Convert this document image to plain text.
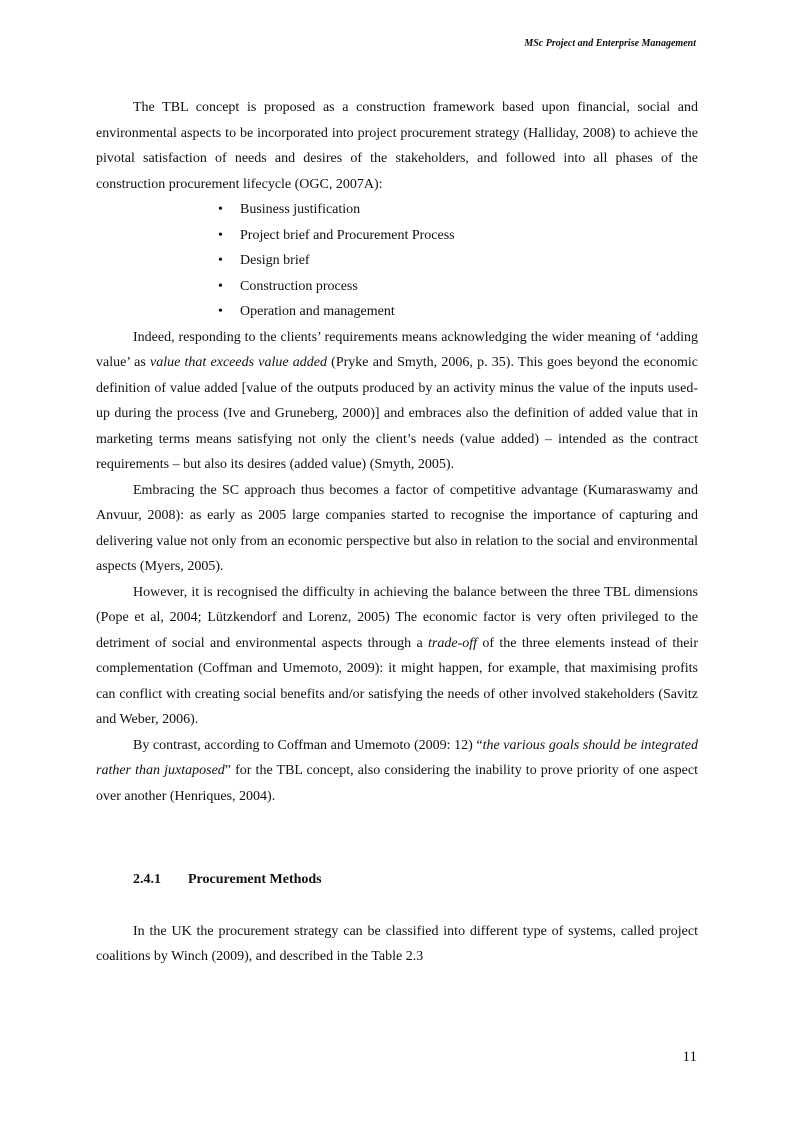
MSc Project and Enterprise Management

The TBL concept is proposed as a construction framework based upon financial, social and environmental aspects to be incorporated into project procurement strategy (Halliday, 2008) to achieve the pivotal satisfaction of needs and desires of the stakeholders, and followed into all phases of the construction procurement lifecycle (OGC, 2007A):

• Business justification
• Project brief and Procurement Process
• Design brief
• Construction process
• Operation and management

Indeed, responding to the clients’ requirements means acknowledging the wider meaning of ‘adding value’ as value that exceeds value added (Pryke and Smyth, 2006, p. 35). This goes beyond the economic definition of value added [value of the outputs produced by an activity minus the value of the inputs used-up during the process (Ive and Gruneberg, 2000)] and embraces also the definition of added value that in marketing terms means satisfying not only the client’s needs (value added) – intended as the contract requirements – but also its desires (added value) (Smyth, 2005).

Embracing the SC approach thus becomes a factor of competitive advantage (Kumaraswamy and Anvuur, 2008): as early as 2005 large companies started to recognise the importance of capturing and delivering value not only from an economic perspective but also in relation to the social and environmental aspects (Myers, 2005).

However, it is recognised the difficulty in achieving the balance between the three TBL dimensions (Pope et al, 2004; Lützkendorf and Lorenz, 2005) The economic factor is very often privileged to the detriment of social and environmental aspects through a trade-off of the three elements instead of their complementation (Coffman and Umemoto, 2009): it might happen, for example, that maximising profits can conflict with creating social benefits and/or satisfying the needs of other involved stakeholders (Savitz and Weber, 2006).

By contrast, according to Coffman and Umemoto (2009: 12) “the various goals should be integrated rather than juxtaposed” for the TBL concept, also considering the inability to prove priority of one aspect over another (Henriques, 2004).

2.4.1 Procurement Methods

In the UK the procurement strategy can be classified into different type of systems, called project coalitions by Winch (2009), and described in the Table 2.3

11
